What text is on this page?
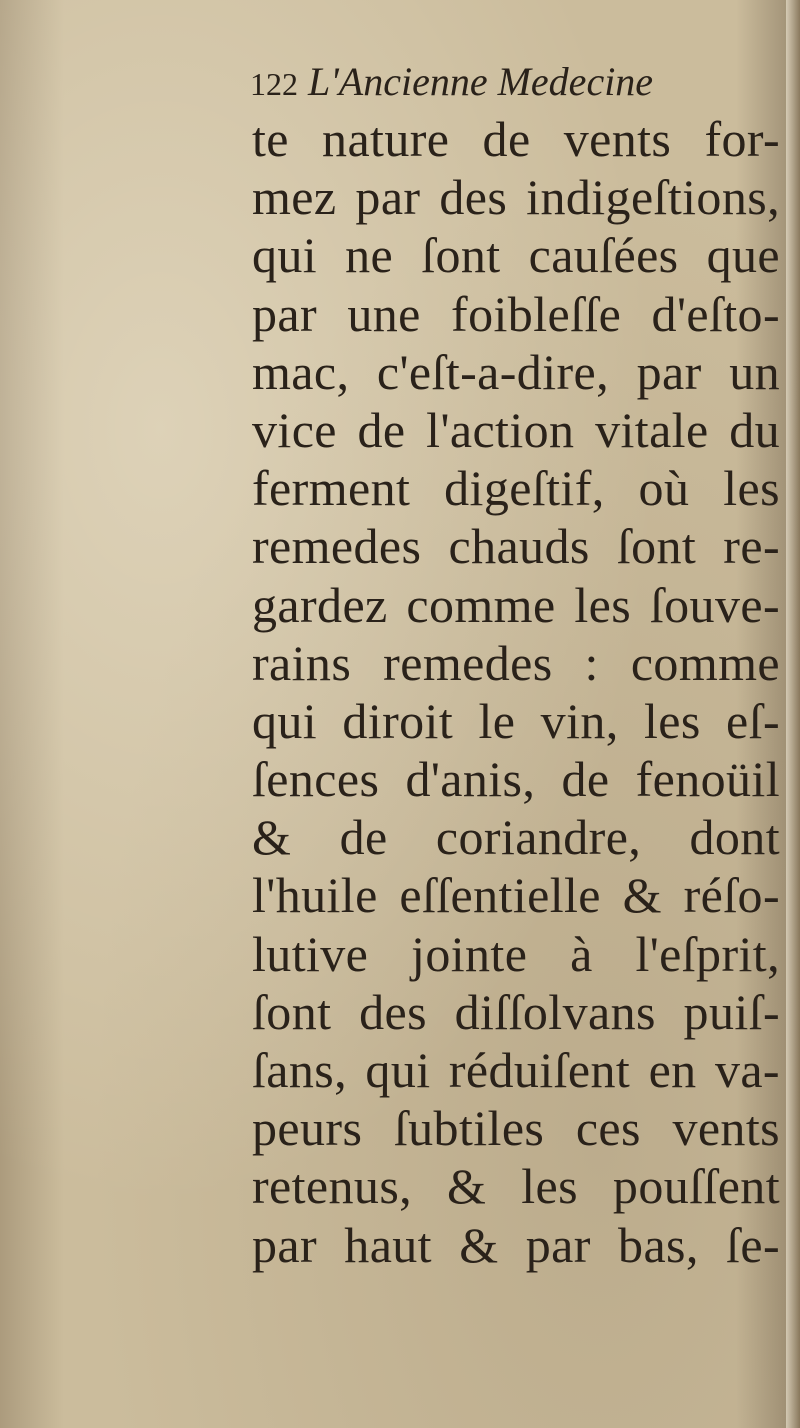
122 L'Ancienne Medecine
te nature de vents for-
mez par des indigeſtions,
qui ne ſont cauſées que
par une foibleſſe d'eſto-
mac, c'eſt-a-dire, par un
vice de l'action vitale du
ferment digeſtif, où les
remedes chauds ſont re-
gardez comme les ſouve-
rains remedes : comme
qui diroit le vin, les eſ-
ſences d'anis, de fenoüil
& de coriandre, dont
l'huile eſſentielle & réſo-
lutive jointe à l'eſprit,
ſont des diſſolvans puiſ-
ſans, qui réduiſent en va-
peurs ſubtiles ces vents
retenus, & les pouſſent
par haut & par bas, ſe-
